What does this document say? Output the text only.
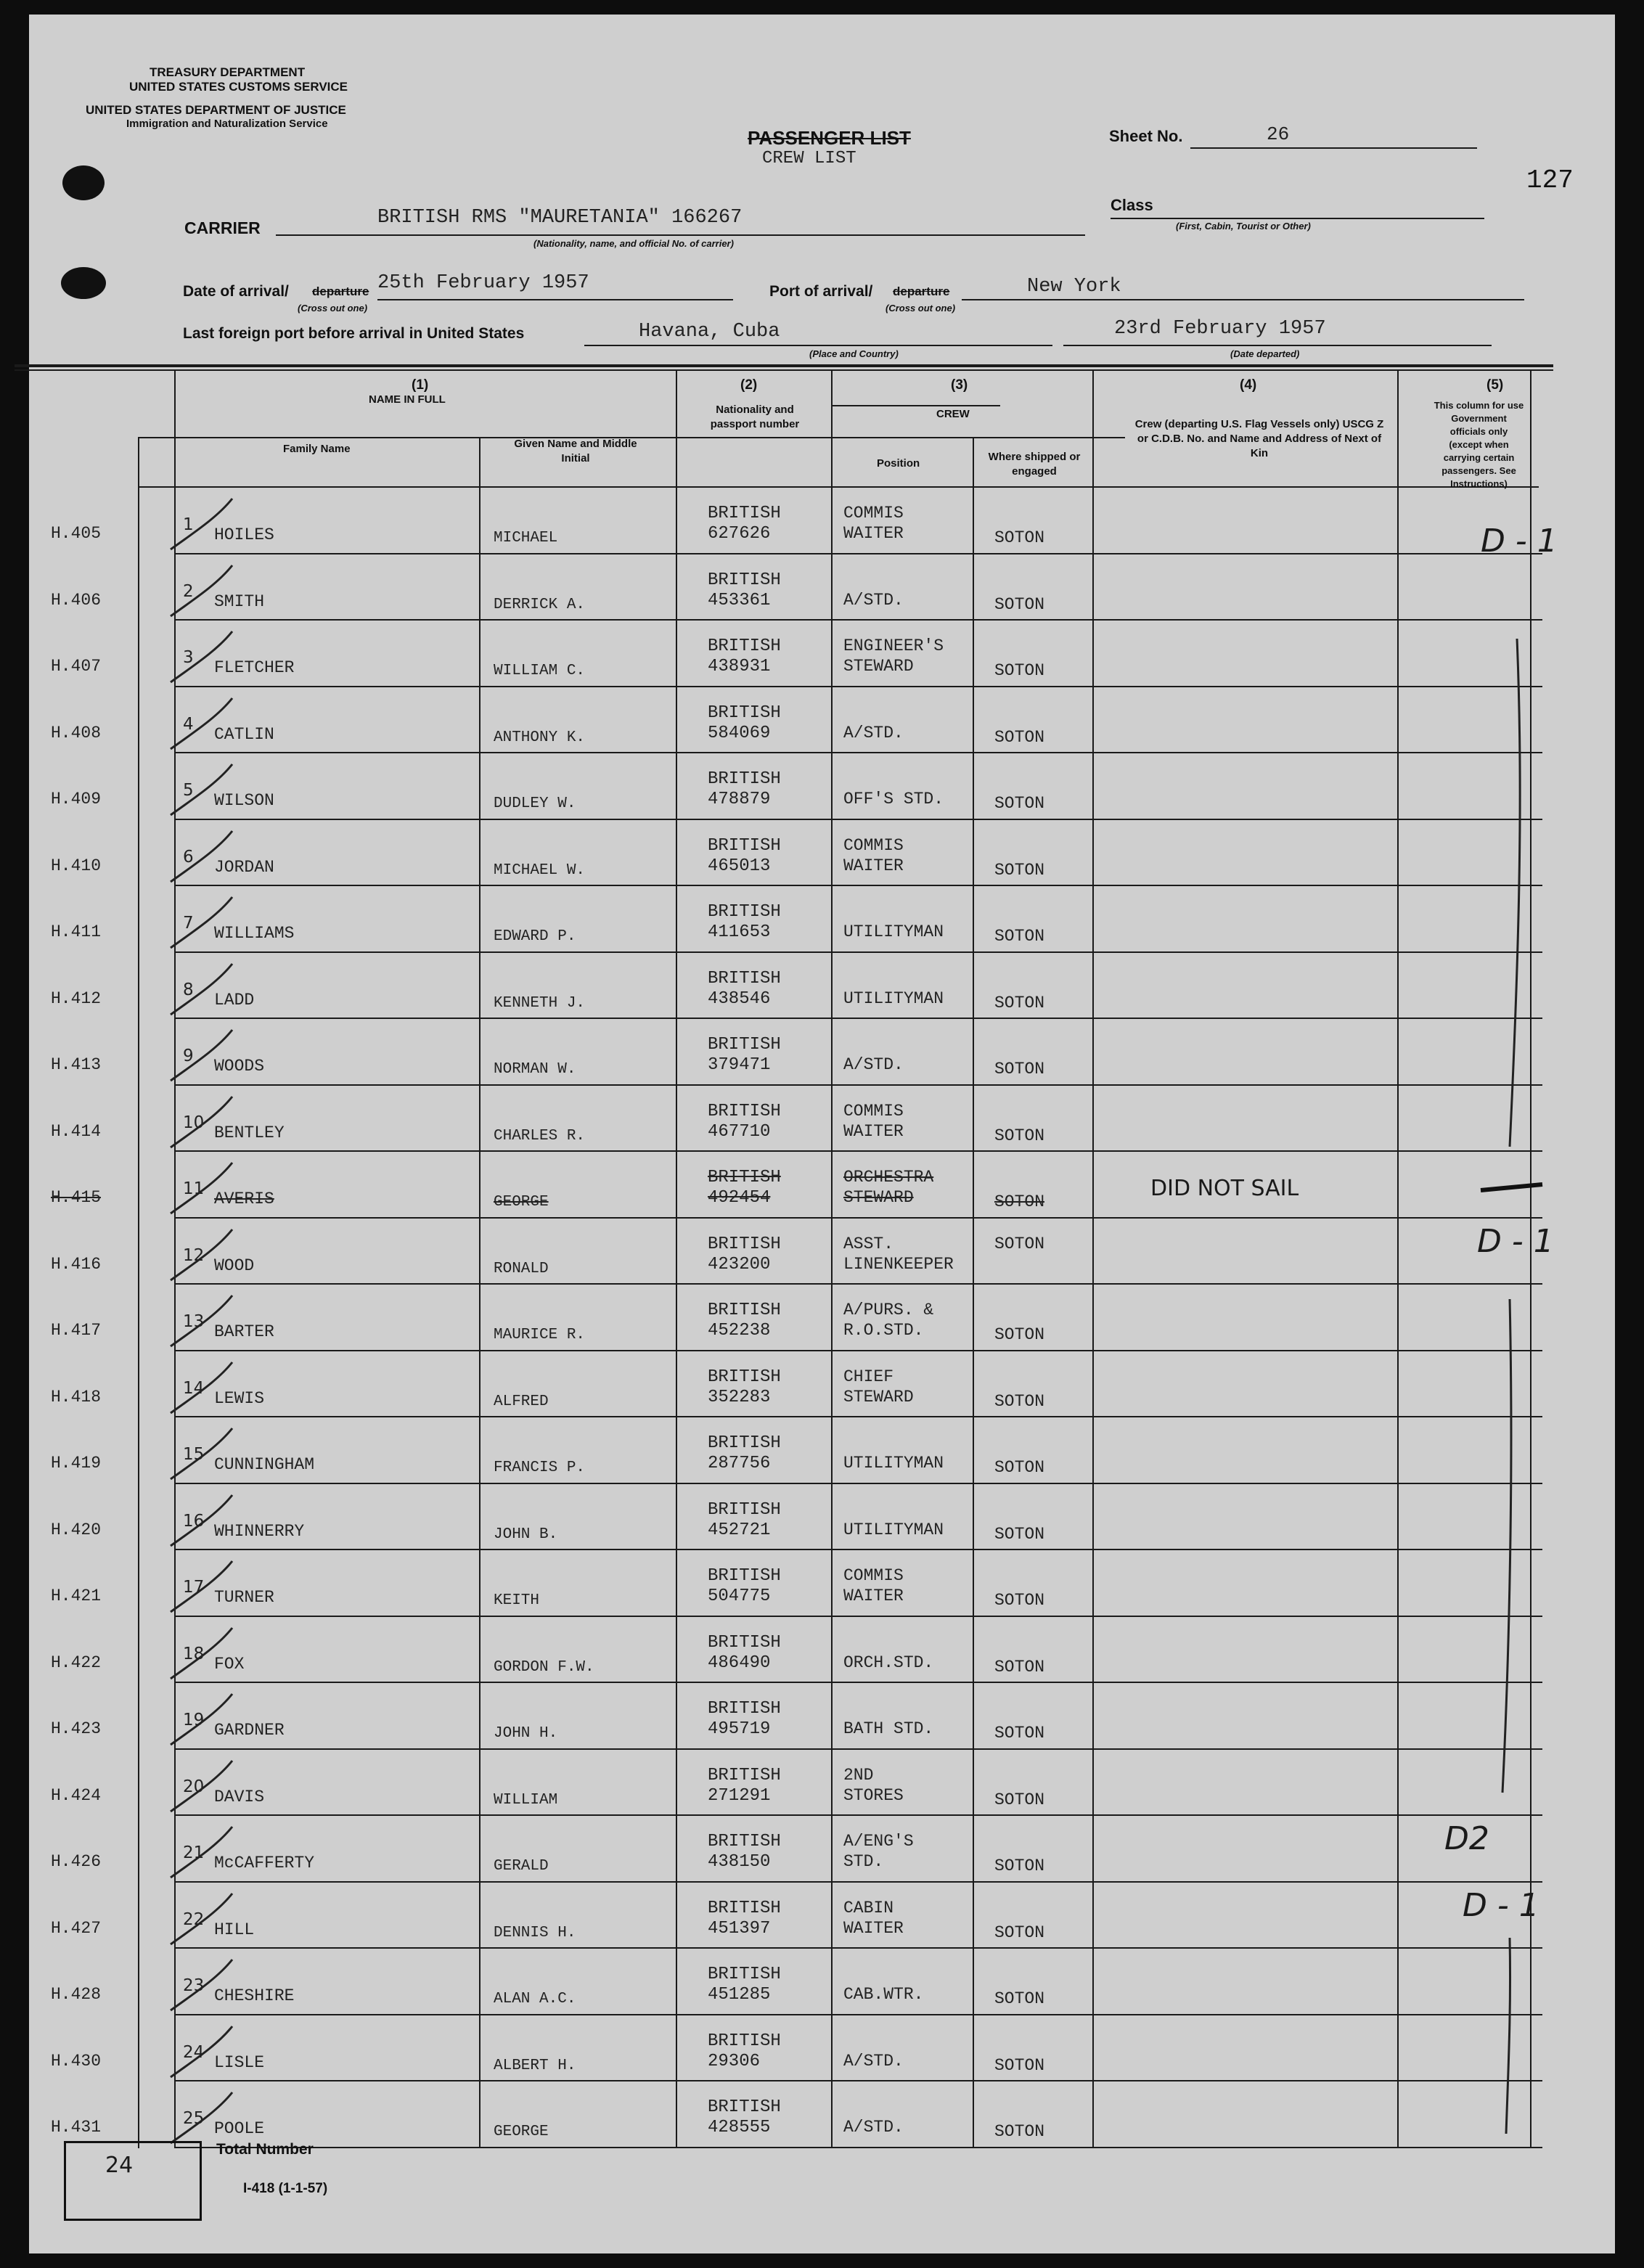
TREASURY DEPARTMENT
UNITED STATES CUSTOMS SERVICE
UNITED STATES DEPARTMENT OF JUSTICE
Immigration and Naturalization Service
PASSENGER LIST
CREW LIST
Sheet No.	26
127
Class
(First, Cabin, Tourist or Other)
CARRIER	BRITISH RMS "MAURETANIA" 166267
(Nationality, name, and official No. of carrier)
Date of arrival/ departure
(Cross out one)
25th February 1957	Port of arrival/ departure
(Cross out one)
New York
Last foreign port before arrival in United States	Havana, Cuba
(Place and Country)
23rd February 1957
(Date departed)
(1)
NAME IN FULL
Family Name	Given Name and Middle Initial
(2)
Nationality and passport number
(3)
CREW
Position
Where shipped or engaged
(4)
Crew (departing U.S. Flag Vessels only) USCG Z or C.D.B. No. and Name and Address of Next of Kin
(5)
This column for use Government officials only (except when carrying certain passengers. See Instructions)
H.405	1
HOILES	MICHAEL
BRITISH
627626
COMMIS
WAITER	SOTON
H.406	2
SMITH	DERRICK A.
BRITISH
453361	A/STD.	SOTON
H.407	3
FLETCHER	WILLIAM C.
BRITISH
438931
ENGINEER'S
STEWARD	SOTON
H.408	4
CATLIN	ANTHONY K.
BRITISH
584069	A/STD.	SOTON
H.409	5
WILSON	DUDLEY W.
BRITISH
478879	OFF'S STD.	SOTON
H.410	6
JORDAN	MICHAEL W.
BRITISH
465013
COMMIS
WAITER	SOTON
H.411	7
WILLIAMS	EDWARD P.
BRITISH
411653	UTILITYMAN	SOTON
H.412	8
LADD	KENNETH J.
BRITISH
438546	UTILITYMAN	SOTON
H.413	9
WOODS	NORMAN W.
BRITISH
379471	A/STD.	SOTON
H.414	10
BENTLEY	CHARLES R.
BRITISH
467710
COMMIS
WAITER	SOTON
H.415	11
AVERIS	GEORGE
BRITISH
492454
ORCHESTRA
STEWARD	SOTON
H.416	12
WOOD	RONALD
BRITISH
423200
ASST.
LINENKEEPER
SOTON
H.417	13
BARTER	MAURICE R.
BRITISH
452238
A/PURS. &
R.O.STD.	SOTON
H.418	14
LEWIS	ALFRED
BRITISH
352283
CHIEF
STEWARD	SOTON
H.419	15
CUNNINGHAM	FRANCIS P.
BRITISH
287756	UTILITYMAN	SOTON
H.420	16
WHINNERRY	JOHN B.
BRITISH
452721	UTILITYMAN	SOTON
H.421	17
TURNER	KEITH
BRITISH
504775
COMMIS
WAITER	SOTON
H.422	18
FOX	GORDON F.W.
BRITISH
486490	ORCH.STD.	SOTON
H.423	19
GARDNER	JOHN H.
BRITISH
495719	BATH STD.	SOTON
H.424	20
DAVIS	WILLIAM
BRITISH
271291
2ND
STORES	SOTON
H.426	21
McCAFFERTY	GERALD
BRITISH
438150
A/ENG'S
STD.	SOTON
H.427	22
HILL	DENNIS H.
BRITISH
451397
CABIN
WAITER	SOTON
H.428	23
CHESHIRE	ALAN A.C.
BRITISH
451285	CAB.WTR.	SOTON
H.430	24
LISLE	ALBERT H.
BRITISH
29306	A/STD.	SOTON
H.431	25
POOLE	GEORGE
BRITISH
428555	A/STD.	SOTON
D - 1
DID NOT SAIL
D - 1
D2
D - 1
24
Total Number
I-418 (1-1-57)
